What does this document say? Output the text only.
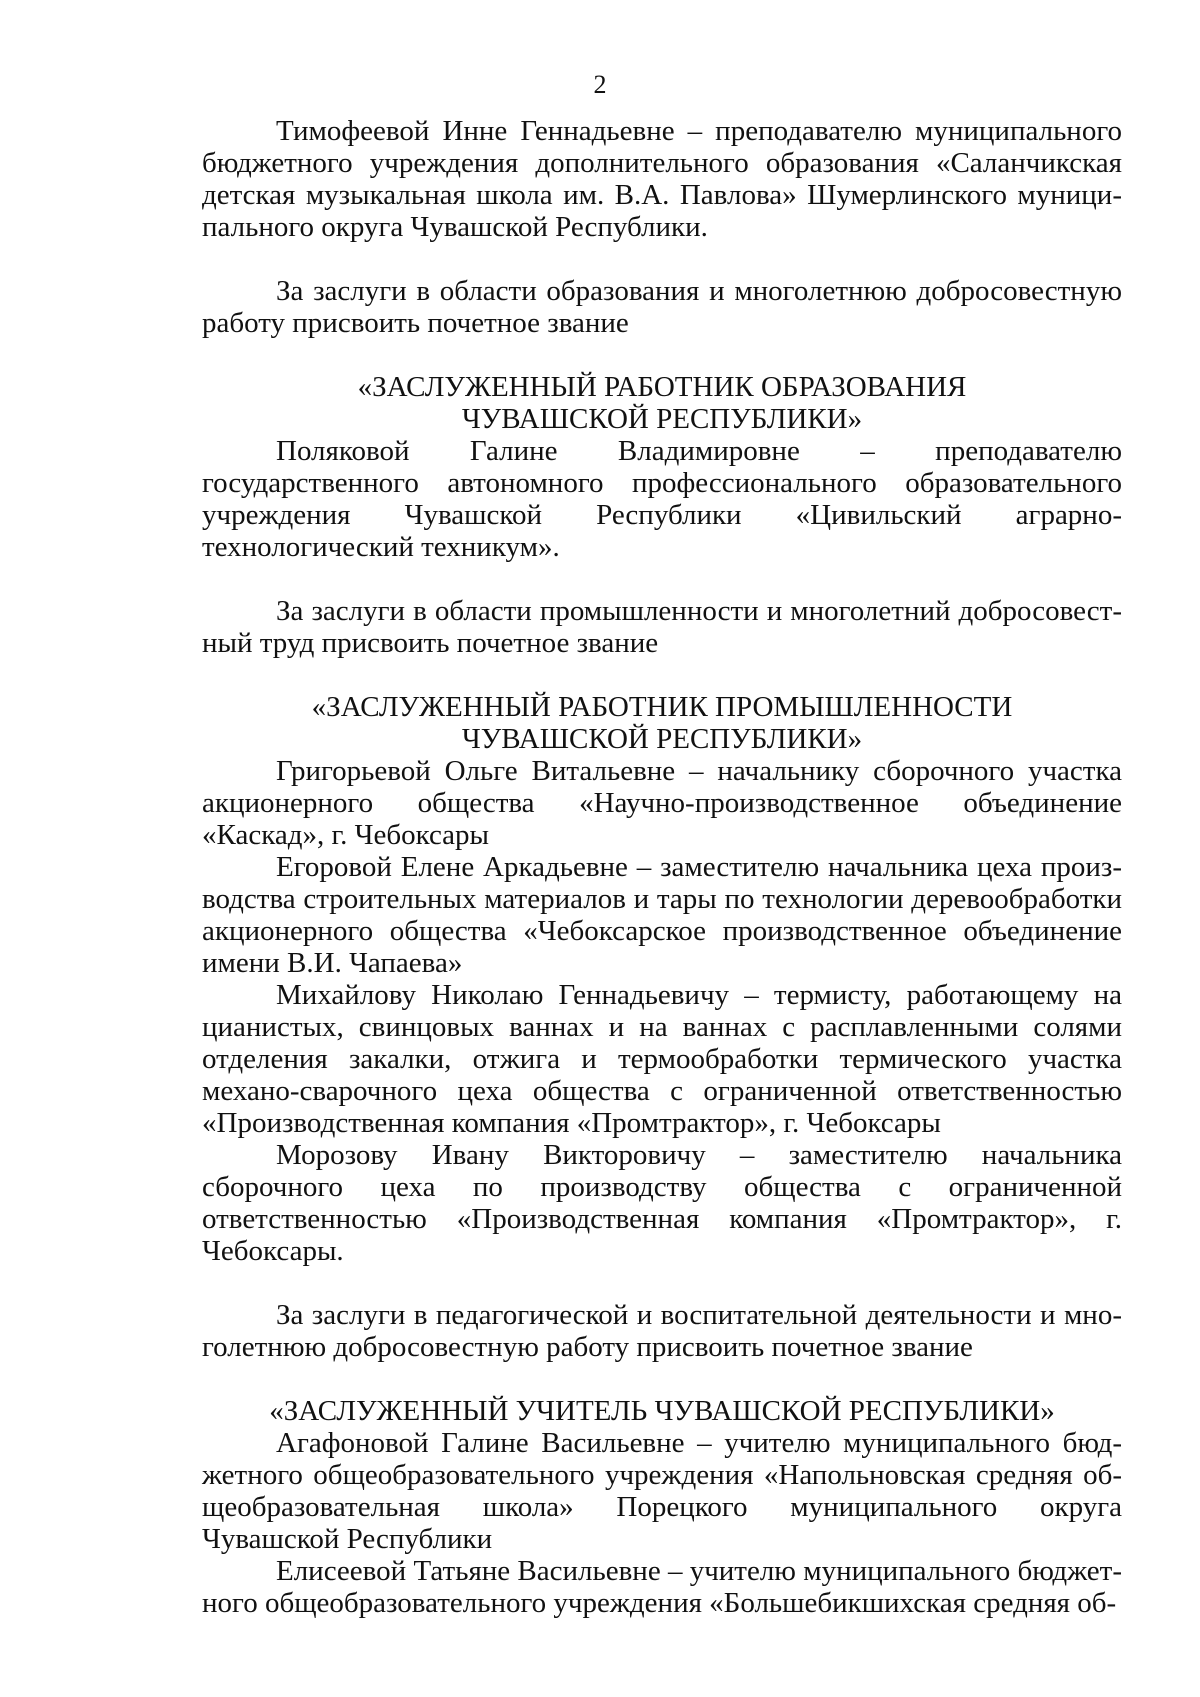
2

Тимофеевой Инне Геннадьевне – преподавателю муниципального бюджетного учреждения дополнительного образования «Саланчикская детская музыкальная школа им. В.А. Павлова» Шумерлинского муниципального округа Чувашской Республики.

За заслуги в области образования и многолетнюю добросовестную работу присвоить почетное звание

«ЗАСЛУЖЕННЫЙ РАБОТНИК ОБРАЗОВАНИЯ

ЧУВАШСКОЙ РЕСПУБЛИКИ»

Поляковой Галине Владимировне – преподавателю государственного автономного профессионального образовательного учреждения Чувашской Республики «Цивильский аграрно-технологический техникум».

За заслуги в области промышленности и многолетний добросовестный труд присвоить почетное звание

«ЗАСЛУЖЕННЫЙ РАБОТНИК ПРОМЫШЛЕННОСТИ

ЧУВАШСКОЙ РЕСПУБЛИКИ»

Григорьевой Ольге Витальевне – начальнику сборочного участка акционерного общества «Научно-производственное объединение «Каскад», г. Чебоксары

Егоровой Елене Аркадьевне – заместителю начальника цеха производства строительных материалов и тары по технологии деревообработки акционерного общества «Чебоксарское производственное объединение имени В.И. Чапаева»

Михайлову Николаю Геннадьевичу – термисту, работающему на цианистых, свинцовых ваннах и на ваннах с расплавленными солями отделения закалки, отжига и термообработки термического участка механо-сварочного цеха общества с ограниченной ответственностью «Производственная компания «Промтрактор», г. Чебоксары

Морозову Ивану Викторовичу – заместителю начальника сборочного цеха по производству общества с ограниченной ответственностью «Производственная компания «Промтрактор», г. Чебоксары.

За заслуги в педагогической и воспитательной деятельности и многолетнюю добросовестную работу присвоить почетное звание

«ЗАСЛУЖЕННЫЙ УЧИТЕЛЬ ЧУВАШСКОЙ РЕСПУБЛИКИ»

Агафоновой Галине Васильевне – учителю муниципального бюджетного общеобразовательного учреждения «Напольновская средняя общеобразовательная школа» Порецкого муниципального округа Чувашской Республики

Елисеевой Татьяне Васильевне – учителю муниципального бюджетного общеобразовательного учреждения «Большебикшихская средняя об-
